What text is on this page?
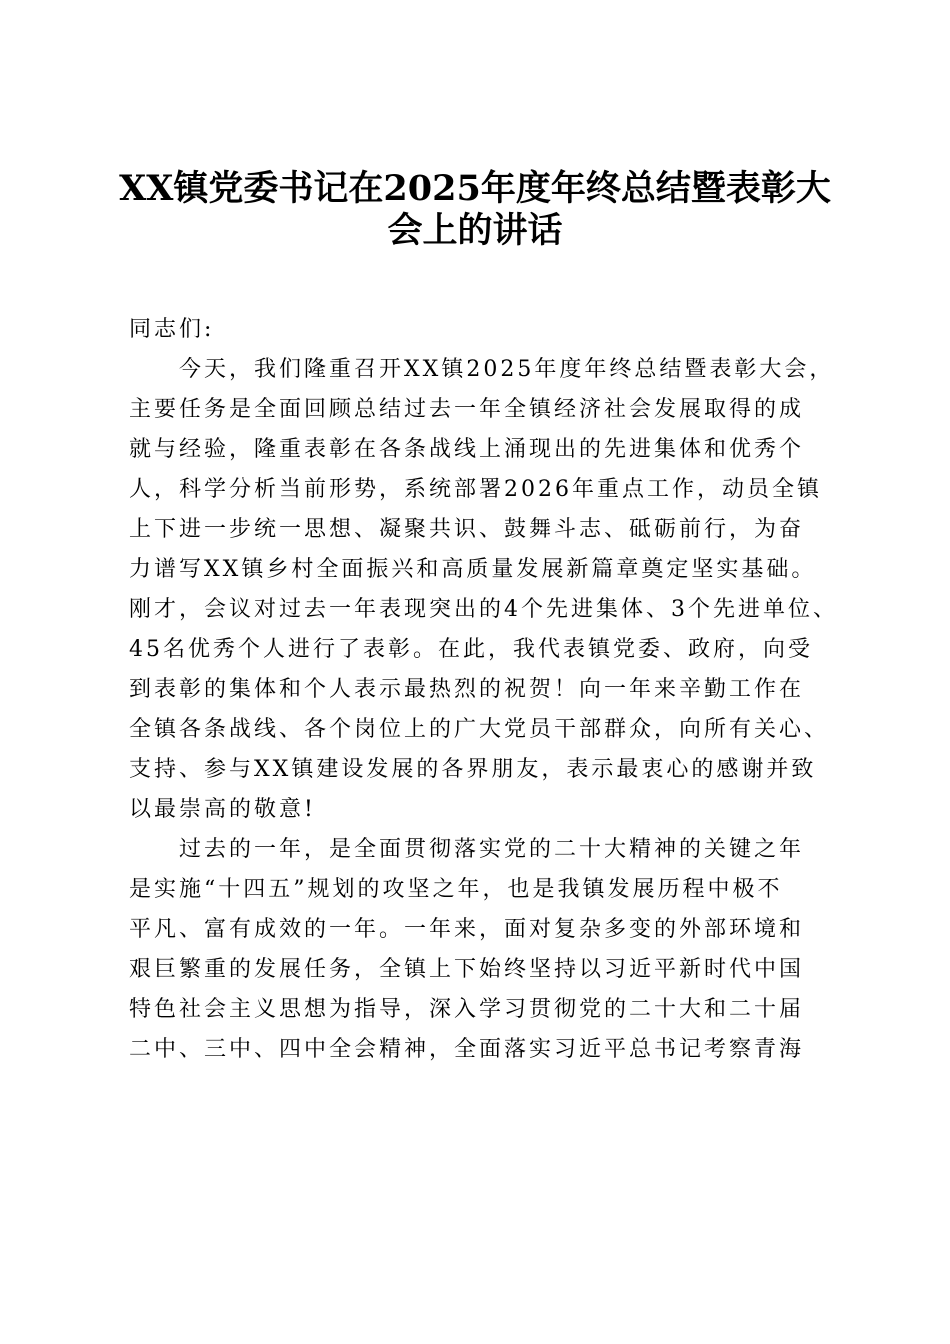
XX镇党委书记在2025年度年终总结暨表彰大
会上的讲话
同志们:
　　今天，我们隆重召开XX镇2025年度年终总结暨表彰大会，
主要任务是全面回顾总结过去一年全镇经济社会发展取得的成
就与经验，隆重表彰在各条战线上涌现出的先进集体和优秀个
人，科学分析当前形势，系统部署2026年重点工作，动员全镇
上下进一步统一思想、凝聚共识、鼓舞斗志、砥砺前行，为奋
力谱写XX镇乡村全面振兴和高质量发展新篇章奠定坚实基础。
刚才，会议对过去一年表现突出的4个先进集体、3个先进单位、
45名优秀个人进行了表彰。在此，我代表镇党委、政府，向受
到表彰的集体和个人表示最热烈的祝贺！向一年来辛勤工作在
全镇各条战线、各个岗位上的广大党员干部群众，向所有关心、
支持、参与XX镇建设发展的各界朋友，表示最衷心的感谢并致
以最崇高的敬意!
　　过去的一年，是全面贯彻落实党的二十大精神的关键之年
是实施“十四五”规划的攻坚之年，也是我镇发展历程中极不
平凡、富有成效的一年。一年来，面对复杂多变的外部环境和
艰巨繁重的发展任务，全镇上下始终坚持以习近平新时代中国
特色社会主义思想为指导，深入学习贯彻党的二十大和二十届
二中、三中、四中全会精神，全面落实习近平总书记考察青海
